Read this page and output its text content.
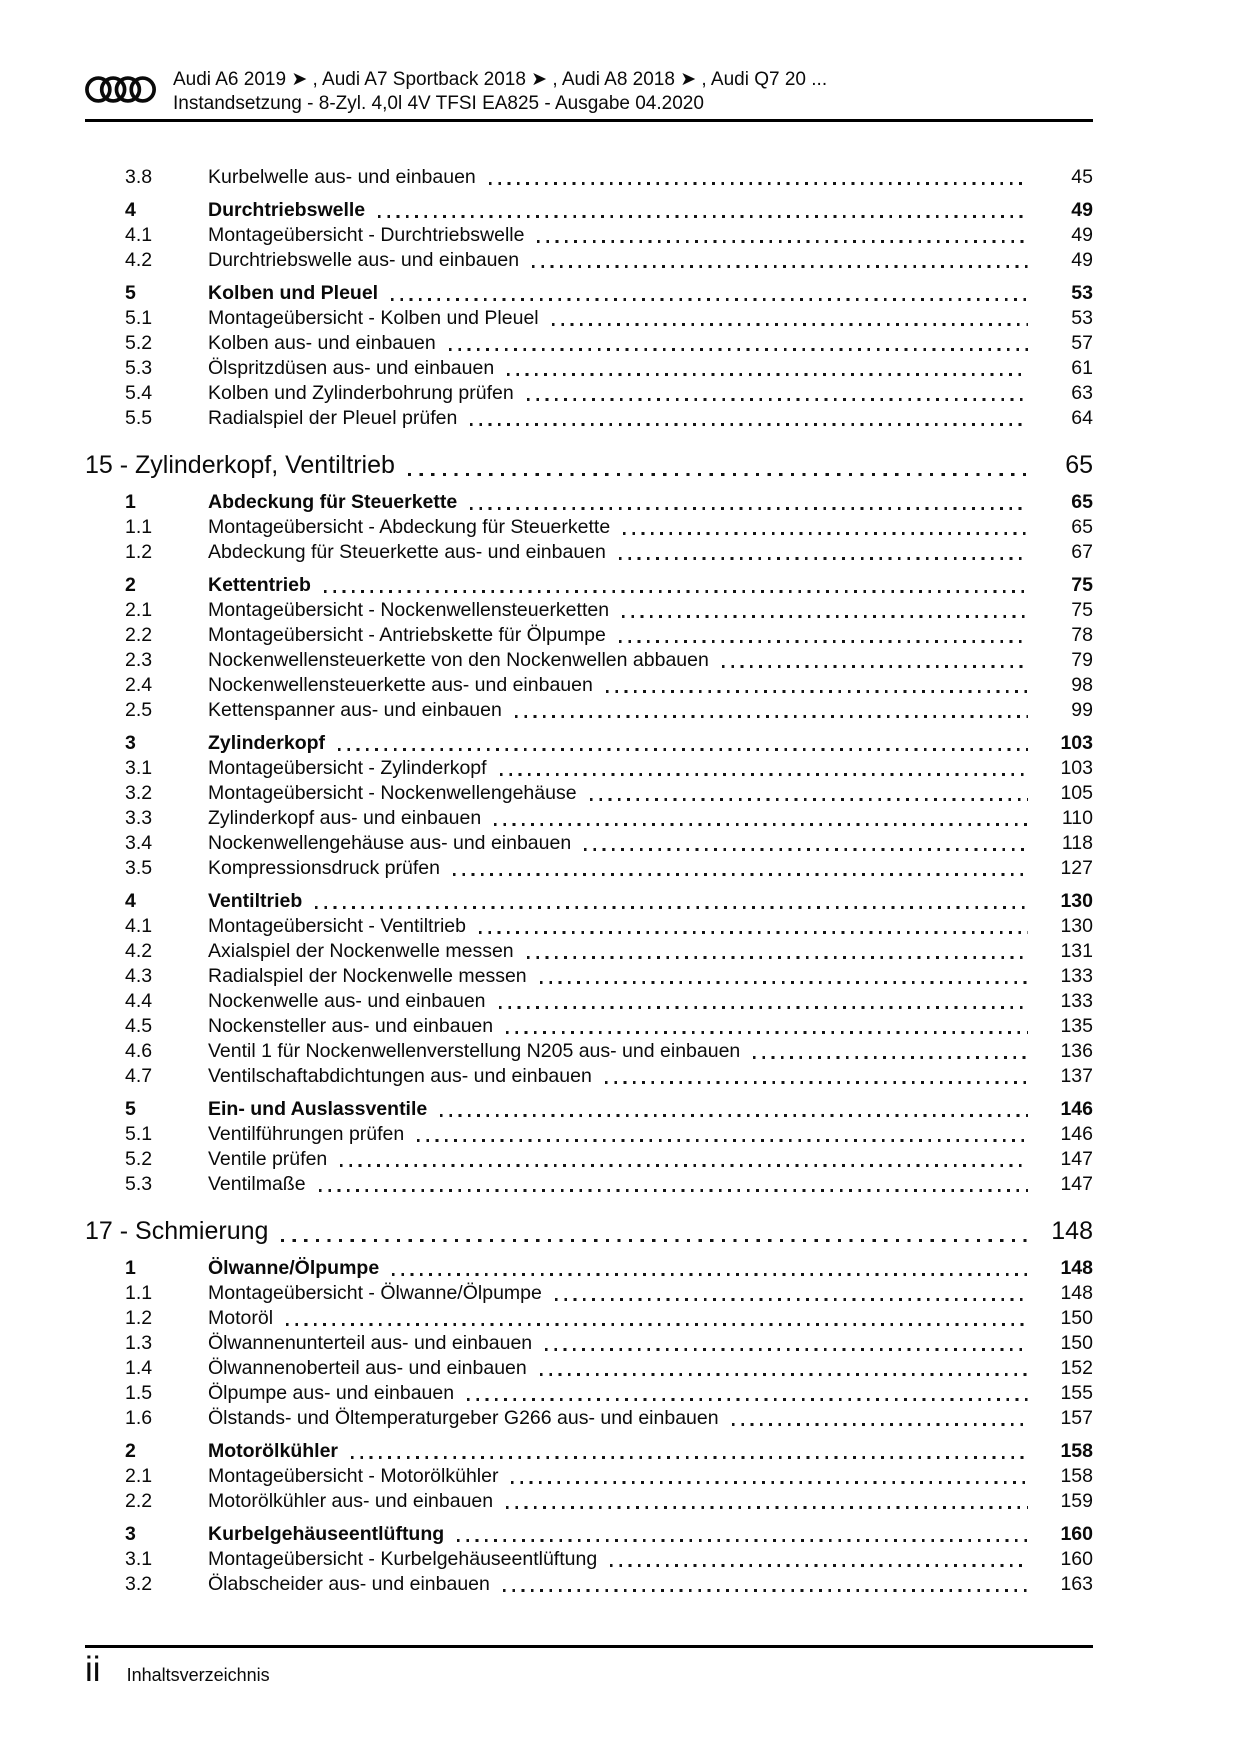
Audi A6 2019 ➤ , Audi A7 Sportback 2018 ➤ , Audi A8 2018 ➤ , Audi Q7 20 ...
Instandsetzung - 8-Zyl. 4,0l 4V TFSI EA825 - Ausgabe 04.2020
3.8	Kurbelwelle aus- und einbauen	45
4	Durchtriebswelle	49
4.1	Montageübersicht - Durchtriebswelle	49
4.2	Durchtriebswelle aus- und einbauen	49
5	Kolben und Pleuel	53
5.1	Montageübersicht - Kolben und Pleuel	53
5.2	Kolben aus- und einbauen	57
5.3	Ölspritzdüsen aus- und einbauen	61
5.4	Kolben und Zylinderbohrung prüfen	63
5.5	Radialspiel der Pleuel prüfen	64
15 - Zylinderkopf, Ventiltrieb	65
1	Abdeckung für Steuerkette	65
1.1	Montageübersicht - Abdeckung für Steuerkette	65
1.2	Abdeckung für Steuerkette aus- und einbauen	67
2	Kettentrieb	75
2.1	Montageübersicht - Nockenwellensteuerketten	75
2.2	Montageübersicht - Antriebskette für Ölpumpe	78
2.3	Nockenwellensteuerkette von den Nockenwellen abbauen	79
2.4	Nockenwellensteuerkette aus- und einbauen	98
2.5	Kettenspanner aus- und einbauen	99
3	Zylinderkopf	103
3.1	Montageübersicht - Zylinderkopf	103
3.2	Montageübersicht - Nockenwellengehäuse	105
3.3	Zylinderkopf aus- und einbauen	110
3.4	Nockenwellengehäuse aus- und einbauen	118
3.5	Kompressionsdruck prüfen	127
4	Ventiltrieb	130
4.1	Montageübersicht - Ventiltrieb	130
4.2	Axialspiel der Nockenwelle messen	131
4.3	Radialspiel der Nockenwelle messen	133
4.4	Nockenwelle aus- und einbauen	133
4.5	Nockensteller aus- und einbauen	135
4.6	Ventil 1 für Nockenwellenverstellung N205 aus- und einbauen	136
4.7	Ventilschaftabdichtungen aus- und einbauen	137
5	Ein- und Auslassventile	146
5.1	Ventilführungen prüfen	146
5.2	Ventile prüfen	147
5.3	Ventilmaße	147
17 - Schmierung	148
1	Ölwanne/Ölpumpe	148
1.1	Montageübersicht - Ölwanne/Ölpumpe	148
1.2	Motoröl	150
1.3	Ölwannenunterteil aus- und einbauen	150
1.4	Ölwannenoberteil aus- und einbauen	152
1.5	Ölpumpe aus- und einbauen	155
1.6	Ölstands- und Öltemperaturgeber G266 aus- und einbauen	157
2	Motorölkühler	158
2.1	Montageübersicht - Motorölkühler	158
2.2	Motorölkühler aus- und einbauen	159
3	Kurbelgehäuseentlüftung	160
3.1	Montageübersicht - Kurbelgehäuseentlüftung	160
3.2	Ölabscheider aus- und einbauen	163
ii Inhaltsverzeichnis
